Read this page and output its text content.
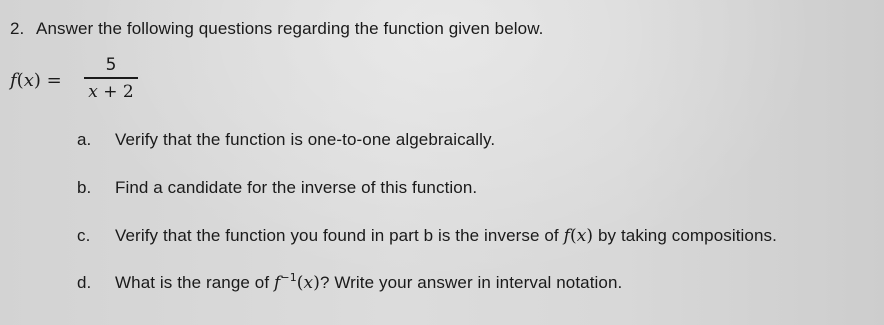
2. Answer the following questions regarding the function given below.
f(x) =
5
x + 2
a. Verify that the function is one-to-one algebraically.
b. Find a candidate for the inverse of this function.
c. Verify that the function you found in part b is the inverse of f(x) by taking compositions.
d. What is the range of $f^{-1}(x)$? Write your answer in interval notation.
